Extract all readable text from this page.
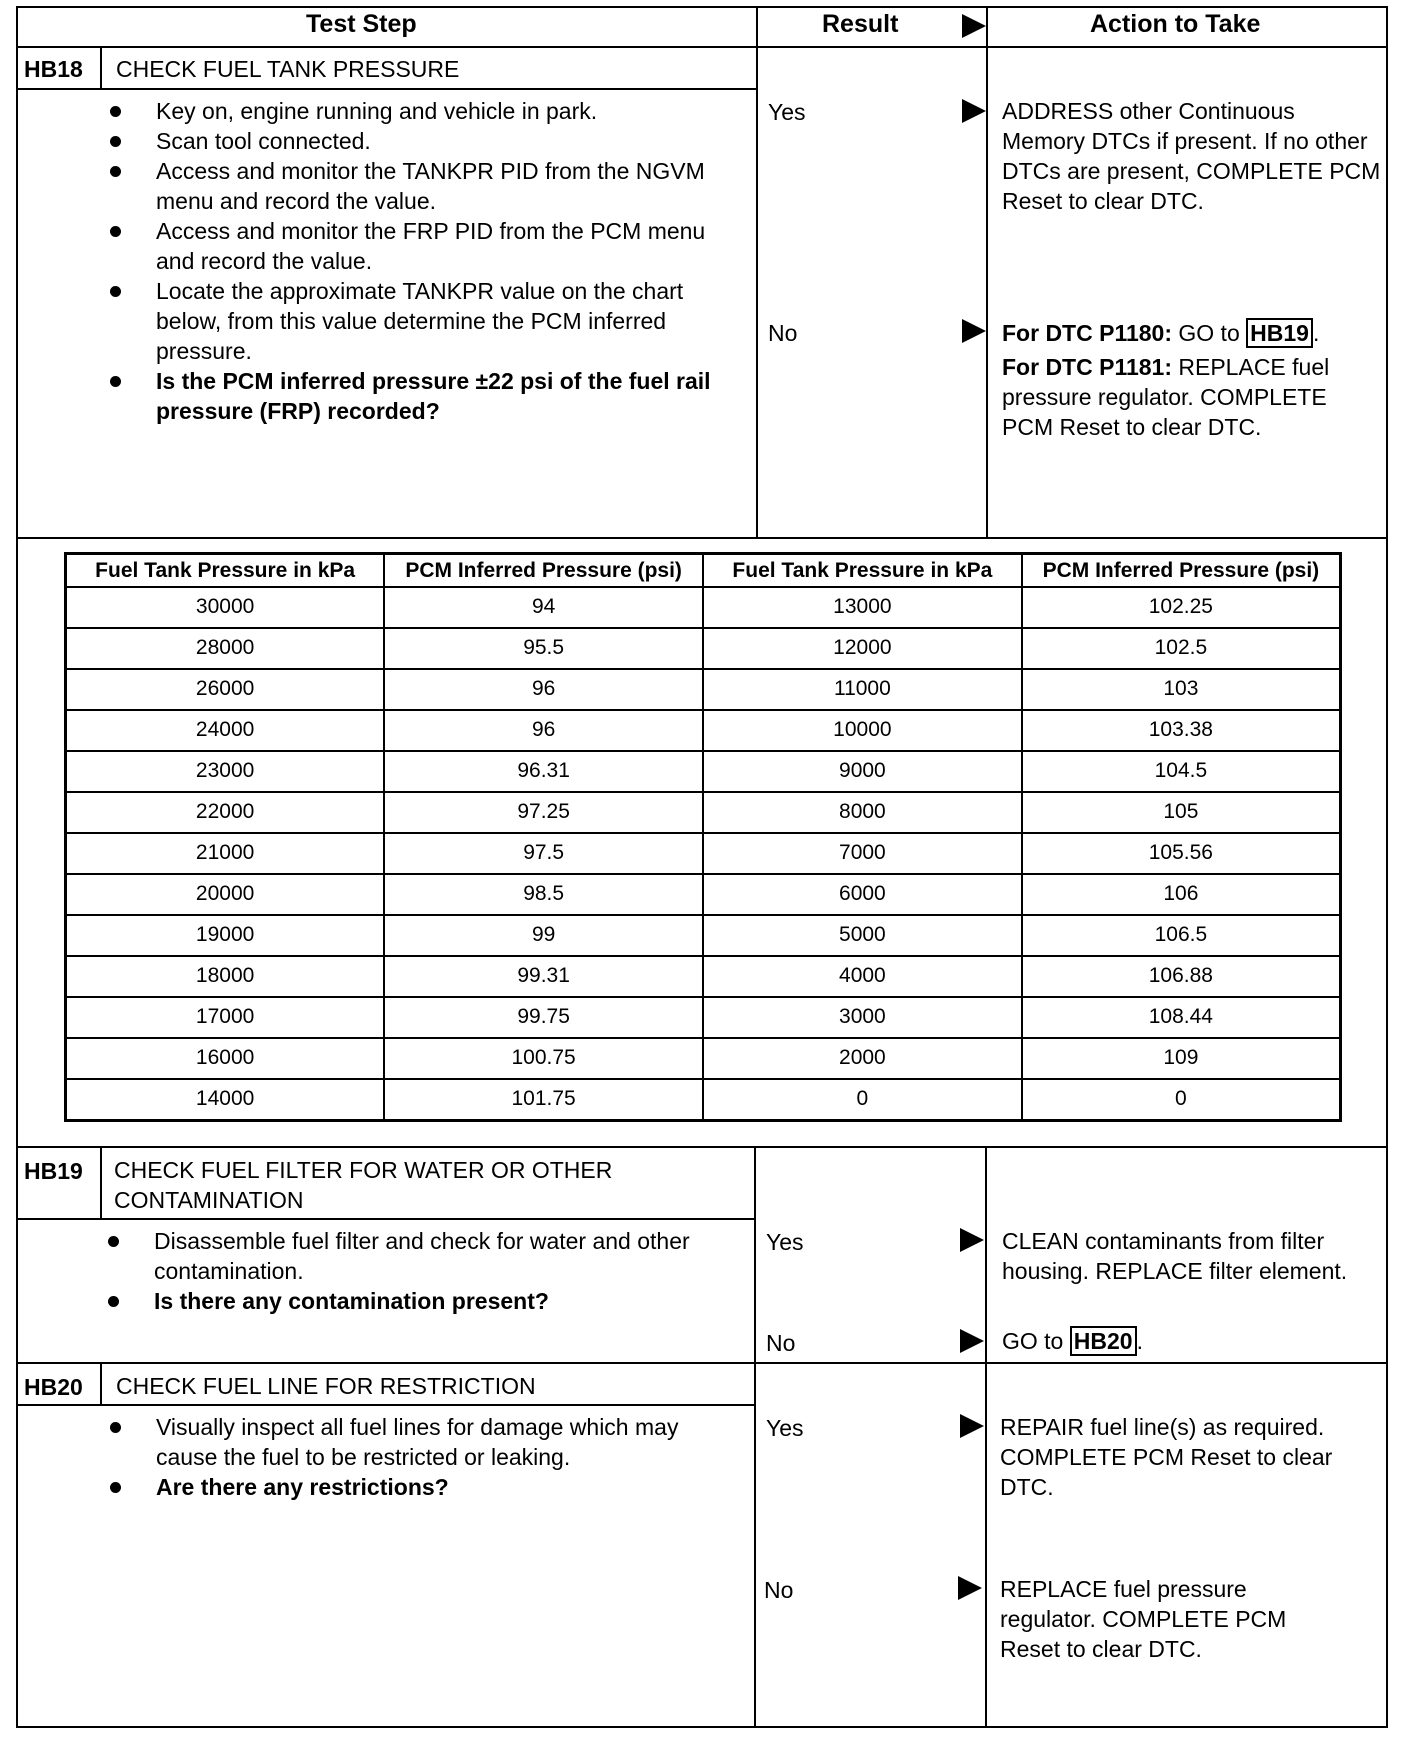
Test Step	Result	Action to Take
HB18 CHECK FUEL TANK PRESSURE
Key on, engine running and vehicle in park.
Scan tool connected.
Access and monitor the TANKPR PID from the NGVM menu and record the value.
Access and monitor the FRP PID from the PCM menu and record the value.
Locate the approximate TANKPR value on the chart below, from this value determine the PCM inferred pressure.
Is the PCM inferred pressure ±22 psi of the fuel rail pressure (FRP) recorded?
Yes	ADDRESS other Continuous Memory DTCs if present. If no other DTCs are present, COMPLETE PCM Reset to clear DTC.
No	For DTC P1180: GO to HB19 .
For DTC P1181: REPLACE fuel pressure regulator. COMPLETE PCM Reset to clear DTC.
Fuel Tank Pressure in kPa	PCM Inferred Pressure (psi)	Fuel Tank Pressure in kPa	PCM Inferred Pressure (psi)
30000	94	13000	102.25
28000	95.5	12000	102.5
26000	96	11000	103
24000	96	10000	103.38
23000	96.31	9000	104.5
22000	97.25	8000	105
21000	97.5	7000	105.56
20000	98.5	6000	106
19000	99	5000	106.5
18000	99.31	4000	106.88
17000	99.75	3000	108.44
16000	100.75	2000	109
14000	101.75	0	0
HB19 CHECK FUEL FILTER FOR WATER OR OTHER CONTAMINATION
Disassemble fuel filter and check for water and other contamination.
Is there any contamination present?
Yes	CLEAN contaminants from filter housing. REPLACE filter element.
No	GO to HB20 .
HB20 CHECK FUEL LINE FOR RESTRICTION
Visually inspect all fuel lines for damage which may cause the fuel to be restricted or leaking.
Are there any restrictions?
Yes	REPAIR fuel line(s) as required. COMPLETE PCM Reset to clear DTC.
No	REPLACE fuel pressure regulator. COMPLETE PCM Reset to clear DTC.
